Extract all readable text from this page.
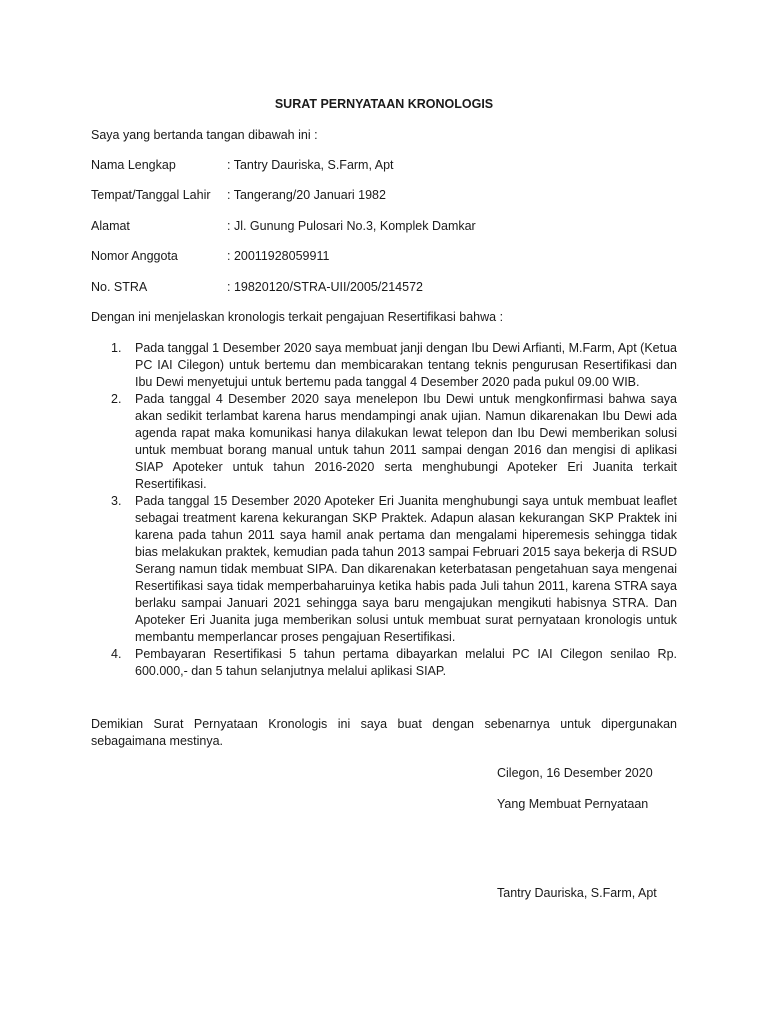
SURAT PERNYATAAN KRONOLOGIS
Saya yang bertanda tangan dibawah ini :
Nama Lengkap	: Tantry Dauriska, S.Farm, Apt
Tempat/Tanggal Lahir : Tangerang/20 Januari 1982
Alamat	: Jl. Gunung Pulosari No.3, Komplek Damkar
Nomor Anggota	: 20011928059911
No. STRA	: 19820120/STRA-UII/2005/214572
Dengan ini menjelaskan kronologis terkait pengajuan Resertifikasi bahwa :
1. Pada tanggal 1 Desember 2020 saya membuat janji dengan Ibu Dewi Arfianti, M.Farm, Apt (Ketua PC IAI Cilegon) untuk bertemu dan membicarakan tentang teknis pengurusan Resertifikasi dan Ibu Dewi menyetujui untuk bertemu pada tanggal 4 Desember 2020 pada pukul 09.00 WIB.
2. Pada tanggal 4 Desember 2020 saya menelepon Ibu Dewi untuk mengkonfirmasi bahwa saya akan sedikit terlambat karena harus mendampingi anak ujian. Namun dikarenakan Ibu Dewi ada agenda rapat maka komunikasi hanya dilakukan lewat telepon dan Ibu Dewi memberikan solusi untuk membuat borang manual untuk tahun 2011 sampai dengan 2016 dan mengisi di aplikasi SIAP Apoteker untuk tahun 2016-2020 serta menghubungi Apoteker Eri Juanita terkait Resertifikasi.
3. Pada tanggal 15 Desember 2020 Apoteker Eri Juanita menghubungi saya untuk membuat leaflet sebagai treatment karena kekurangan SKP Praktek. Adapun alasan kekurangan SKP Praktek ini karena pada tahun 2011 saya hamil anak pertama dan mengalami hiperemesis sehingga tidak bias melakukan praktek, kemudian pada tahun 2013 sampai Februari 2015 saya bekerja di RSUD Serang namun tidak membuat SIPA. Dan dikarenakan keterbatasan pengetahuan saya mengenai Resertifikasi saya tidak memperbaharuinya ketika habis pada Juli tahun 2011, karena STRA saya berlaku sampai Januari 2021 sehingga saya baru mengajukan mengikuti habisnya STRA. Dan Apoteker Eri Juanita juga memberikan solusi untuk membuat surat pernyataan kronologis untuk membantu memperlancar proses pengajuan Resertifikasi.
4. Pembayaran Resertifikasi 5 tahun pertama dibayarkan melalui PC IAI Cilegon senilao Rp. 600.000,- dan 5 tahun selanjutnya melalui aplikasi SIAP.
Demikian Surat Pernyataan Kronologis ini saya buat dengan sebenarnya untuk dipergunakan sebagaimana mestinya.
Cilegon, 16 Desember 2020
Yang Membuat Pernyataan
Tantry Dauriska, S.Farm, Apt
